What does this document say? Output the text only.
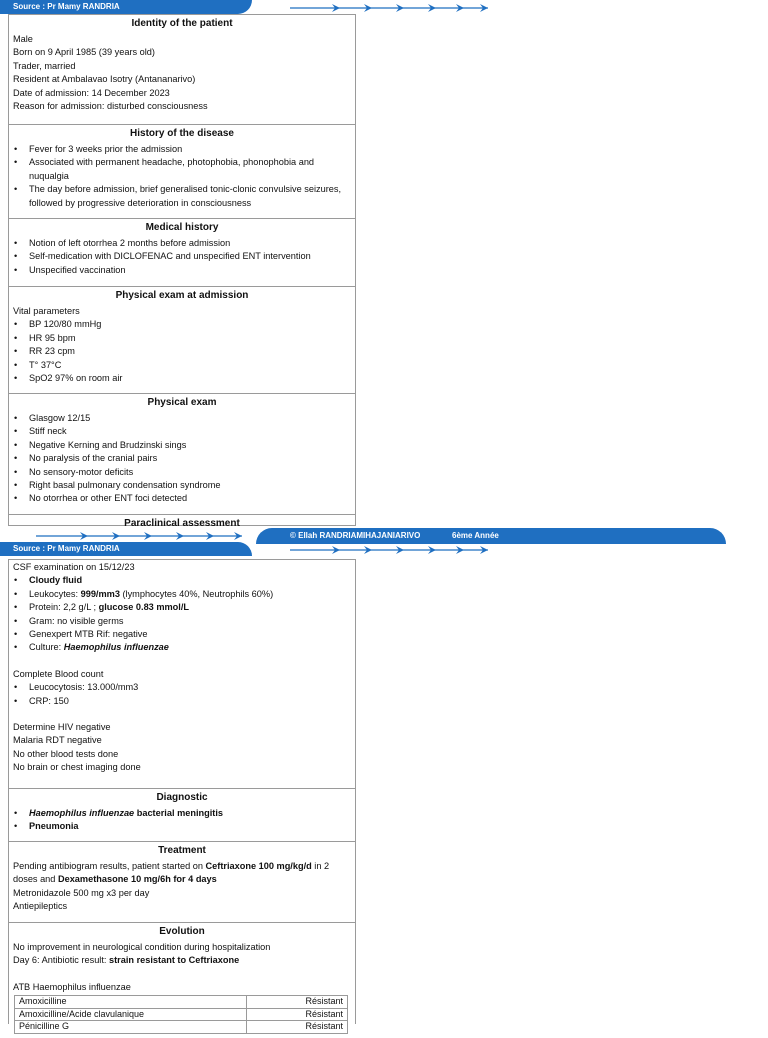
Source : Pr Mamy RANDRIA
Identity of the patient

Male

Born on 9 April 1985 (39 years old)

Trader, married

Resident at Ambalavao Isotry (Antananarivo)

Date of admission: 14 December 2023

Reason for admission: disturbed consciousness

History of the disease
• Fever for 3 weeks prior the admission
• Associated with permanent headache, photophobia, phonophobia and nuqualgia
• The day before admission, brief generalised tonic-clonic convulsive seizures, followed by progressive deterioration in consciousness
Medical history
• Notion of left otorrhea 2 months before admission
• Self-medication with DICLOFENAC and unspecified ENT intervention
• Unspecified vaccination
Physical exam at admission

Vital parameters

• BP 120/80 mmHg
• HR 95 bpm
• RR 23 cpm
• T° 37°C
• SpO2 97% on room air
Physical exam
• Glasgow 12/15
• Stiff neck
• Negative Kerning and Brudzinski sings
• No paralysis of the cranial pairs
• No sensory-motor deficits
• Right basal pulmonary condensation syndrome
• No otorrhea or other ENT foci detected
Paraclinical assessment
© Ellah RANDRIAMIHAJANIARIVO	6ème Année
Source : Pr Mamy RANDRIA

CSF examination on 15/12/23

• Cloudy fluid
• Leukocytes: 999/mm3 (lymphocytes 40%, Neutrophils 60%)
• Protein: 2,2 g/L ; glucose 0.83 mmol/L
• Gram: no visible germs
• Genexpert MTB Rif: negative
• Culture: Haemophilus influenzae

Complete Blood count

• Leucocytosis: 13.000/mm3
• CRP: 150

Determine HIV negative

Malaria RDT negative

No other blood tests done

No brain or chest imaging done

Diagnostic
• Haemophilus influenzae bacterial meningitis
• Pneumonia
Treatment

Pending antibiogram results, patient started on Ceftriaxone 100 mg/kg/d in 2 doses and Dexamethasone 10 mg/6h for 4 days

Metronidazole 500 mg x3 per day

Antiepileptics

Evolution

No improvement in neurological condition during hospitalization

Day 6: Antibiotic result: strain resistant to Ceftriaxone

ATB Haemophilus influenzae

Amoxicilline	Résistant
Amoxicilline/Acide clavulanique	Résistant
Pénicilline G	Résistant
